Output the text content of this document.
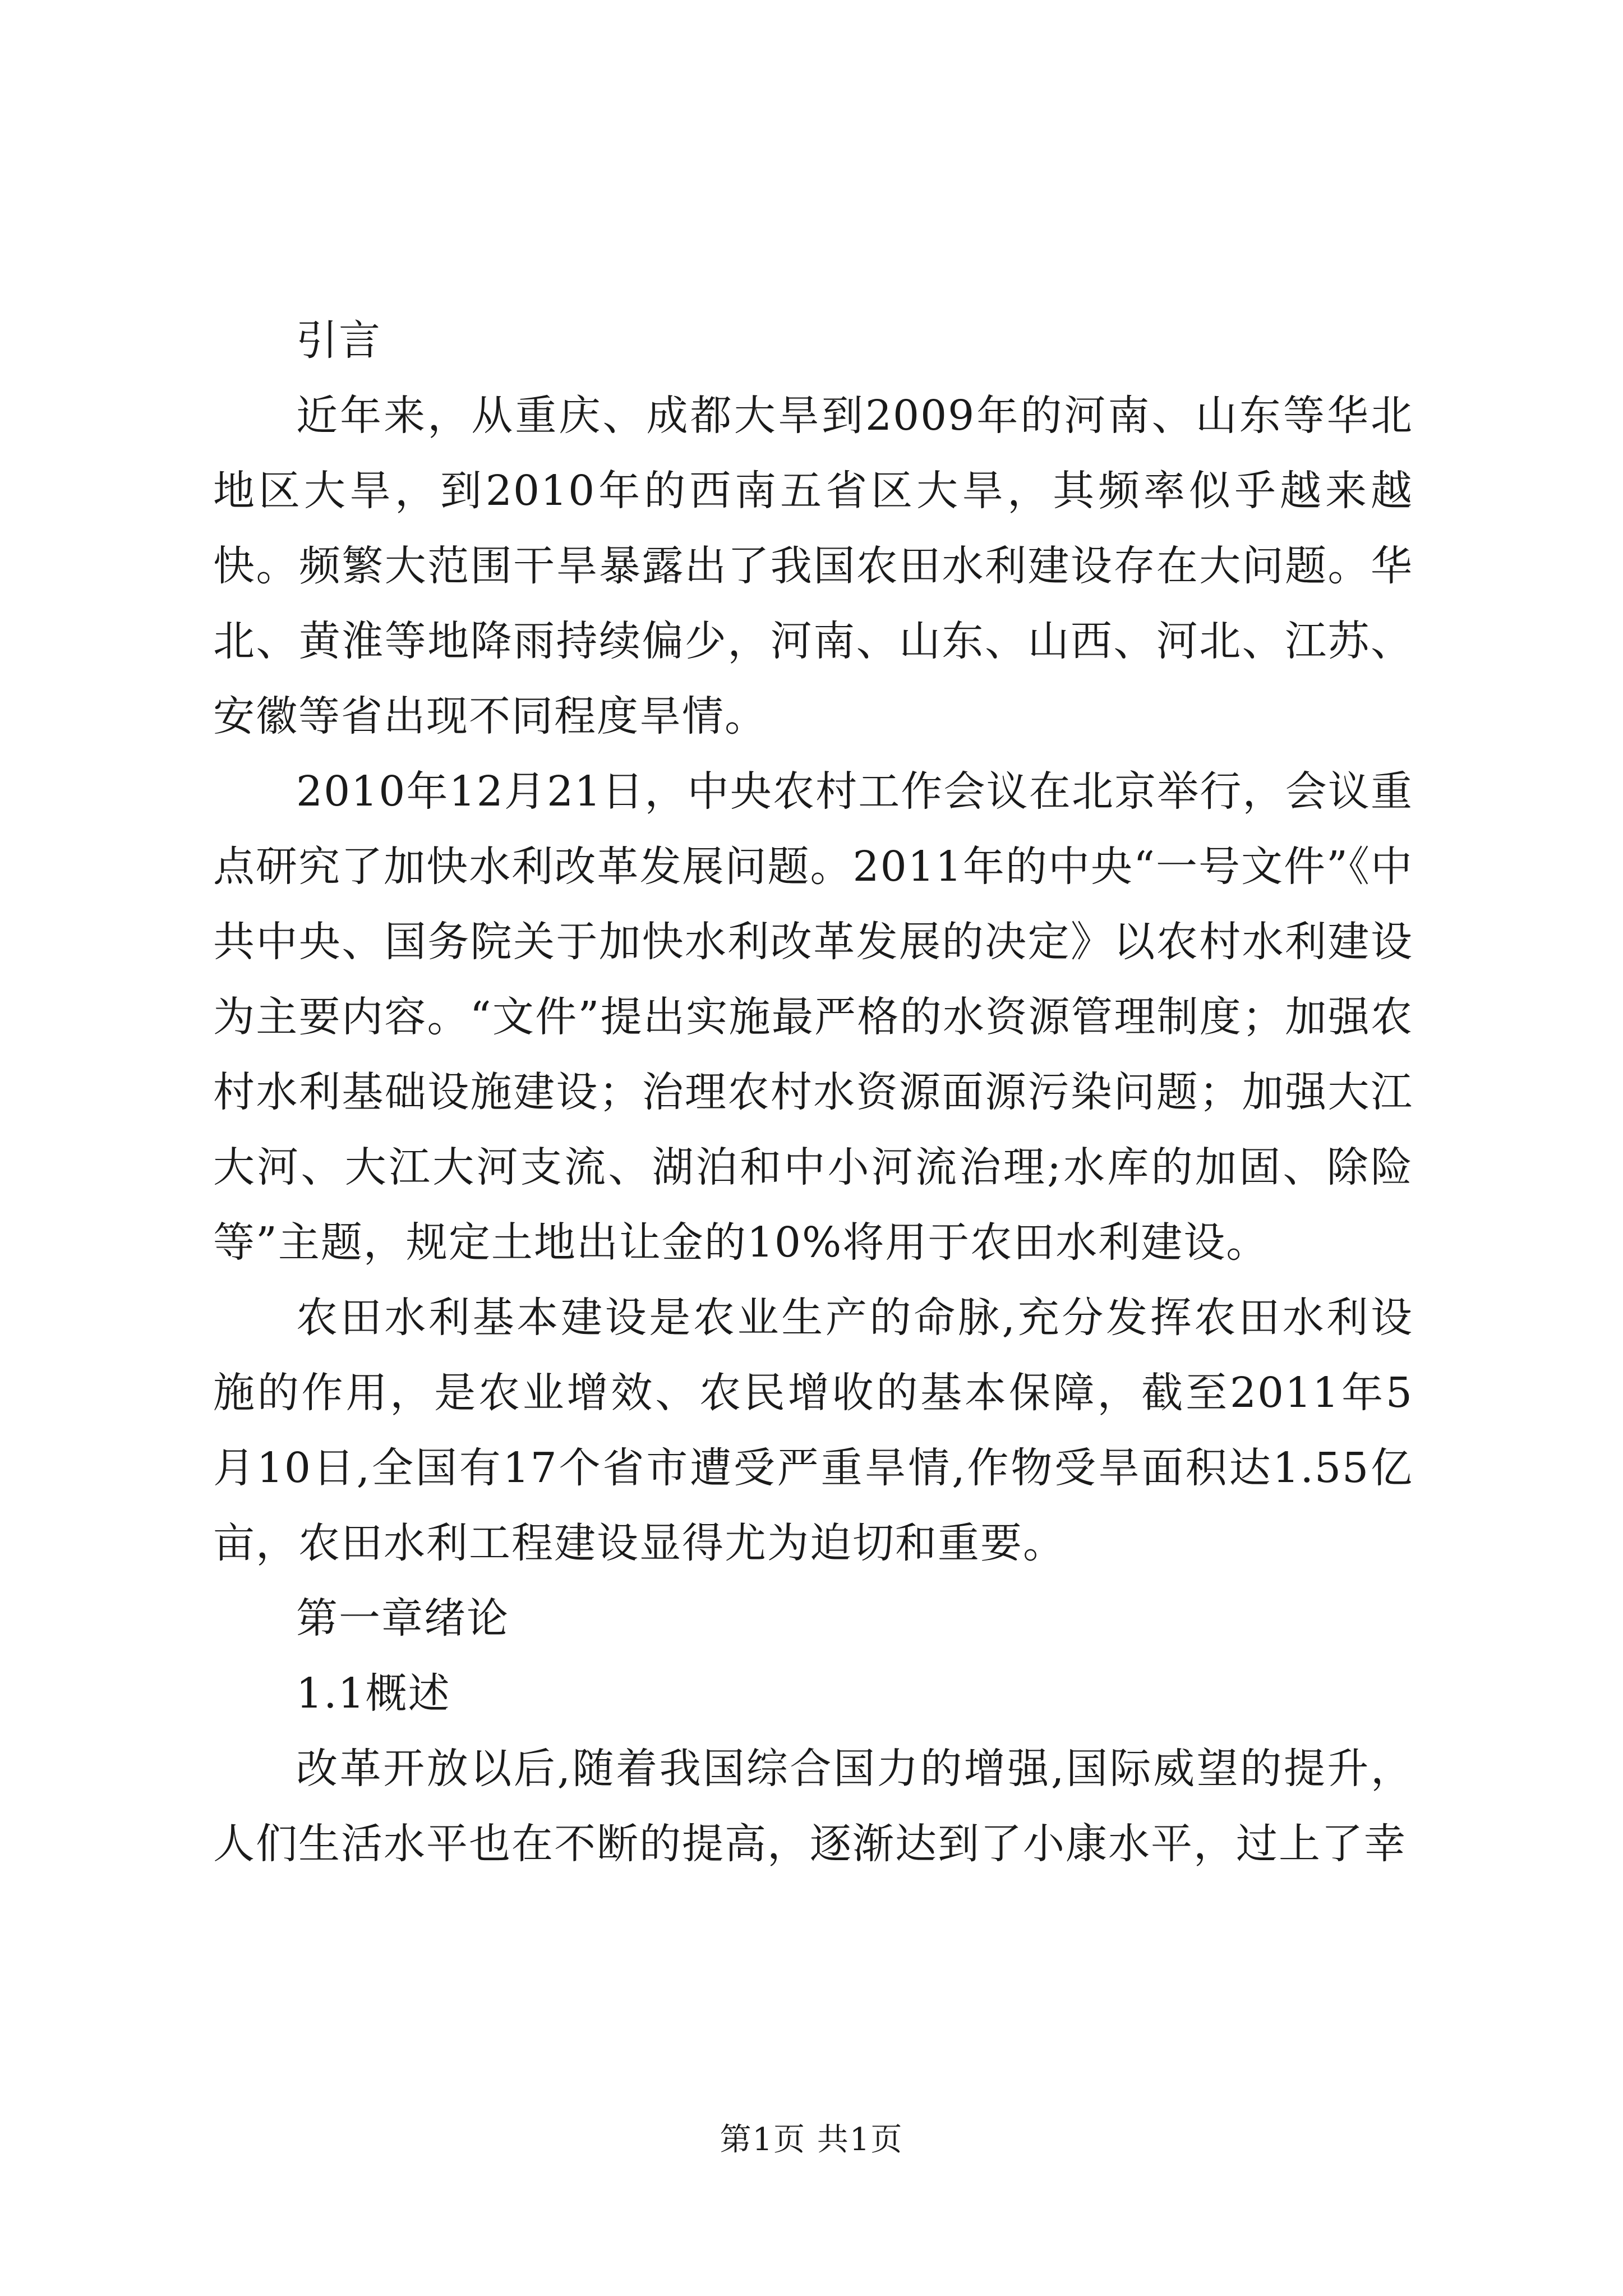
引言

近年来，从重庆、成都大旱到2009年的河南、山东等华北地区大旱，到2010年的西南五省区大旱，其频率似乎越来越快。频繁大范围干旱暴露出了我国农田水利建设存在大问题。华北、黄淮等地降雨持续偏少，河南、山东、山西、河北、江苏、安徽等省出现不同程度旱情。

2010年12月21日，中央农村工作会议在北京举行，会议重点研究了加快水利改革发展问题。2011年的中央“一号文件”《中共中央、国务院关于加快水利改革发展的决定》以农村水利建设为主要内容。“文件”提出实施最严格的水资源管理制度；加强农村水利基础设施建设；治理农村水资源面源污染问题；加强大江大河、大江大河支流、湖泊和中小河流治理;水库的加固、除险等”主题，规定土地出让金的10%将用于农田水利建设。

农田水利基本建设是农业生产的命脉,充分发挥农田水利设施的作用，是农业增效、农民增收的基本保障，截至2011年5月10日,全国有17个省市遭受严重旱情,作物受旱面积达1.55亿亩，农田水利工程建设显得尤为迫切和重要。

第一章绪论

1.1概述

改革开放以后,随着我国综合国力的增强,国际威望的提升，人们生活水平也在不断的提高，逐渐达到了小康水平，过上了幸

第1页 共1页
